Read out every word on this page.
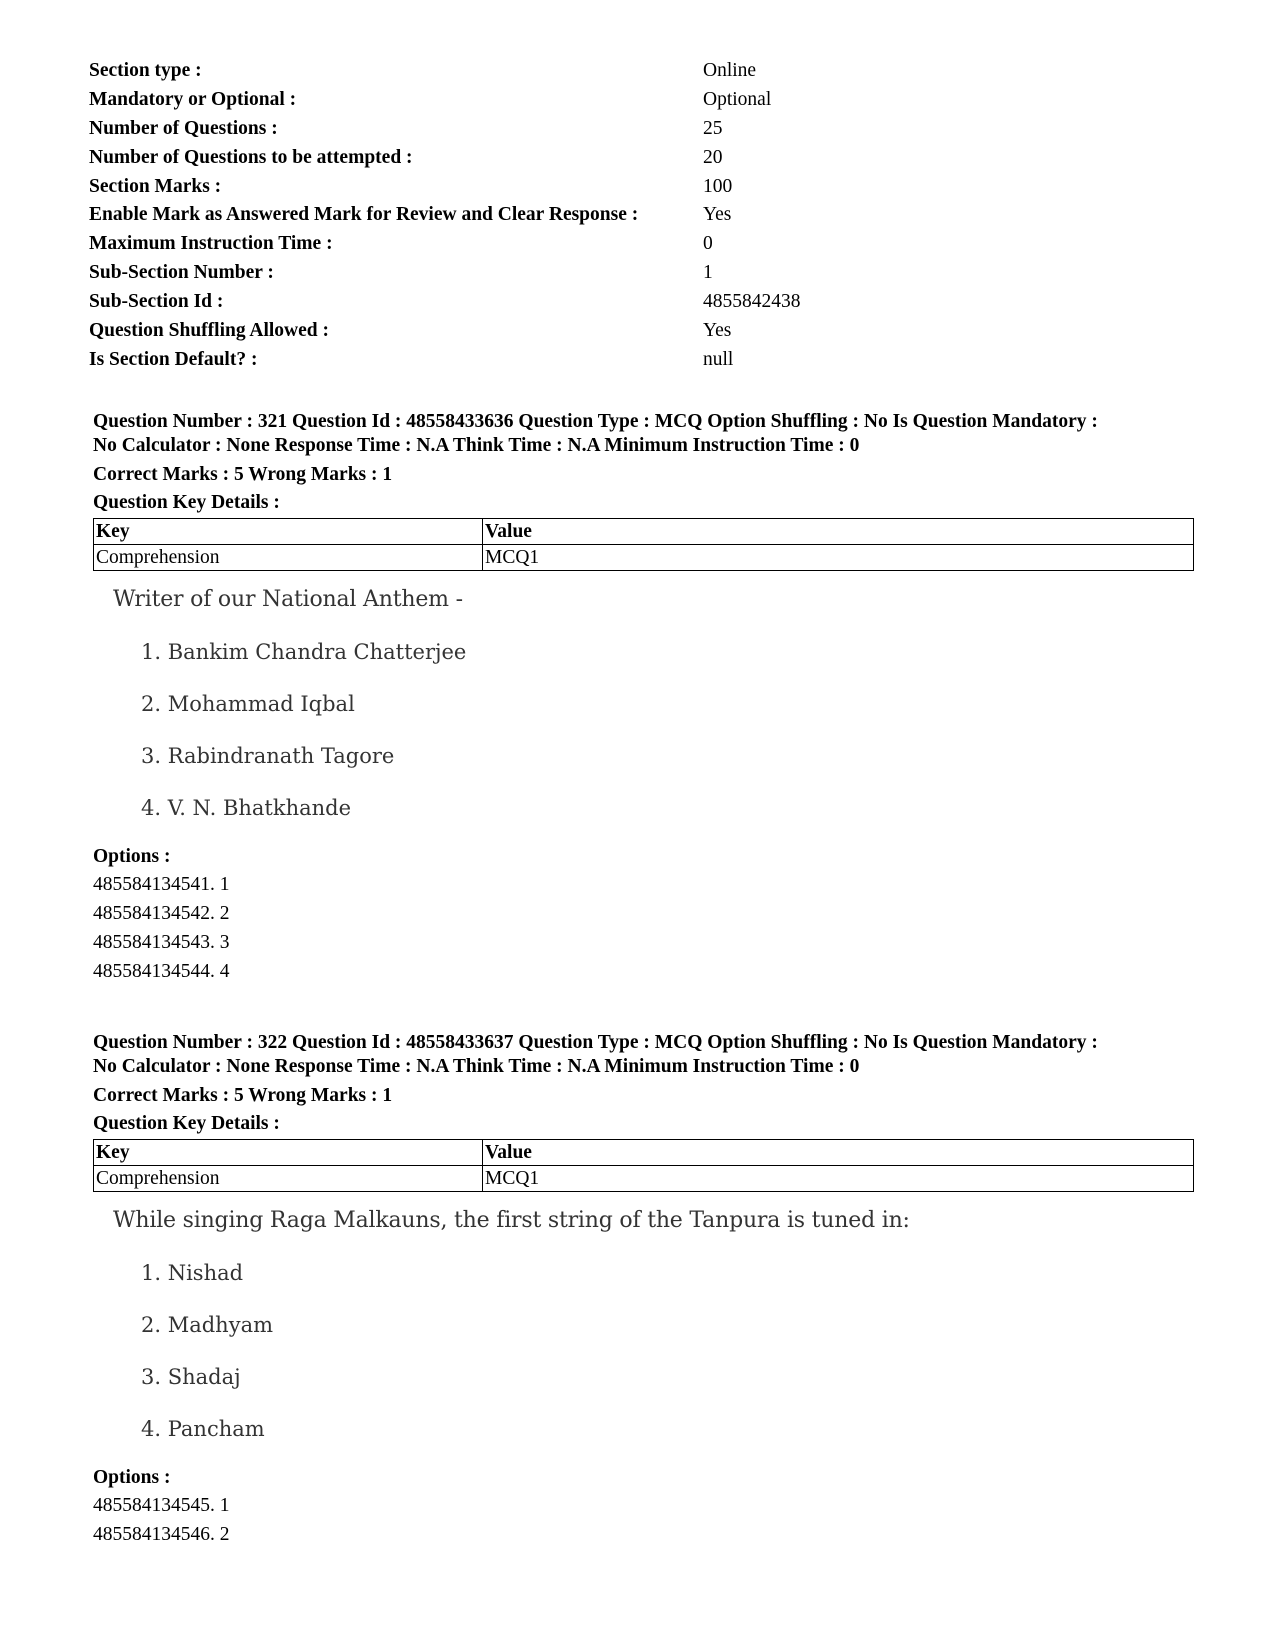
Section type :	Online
Mandatory or Optional :	Optional
Number of Questions :	25
Number of Questions to be attempted :	20
Section Marks :	100
Enable Mark as Answered Mark for Review and Clear Response :	Yes
Maximum Instruction Time :	0
Sub-Section Number :	1
Sub-Section Id :	4855842438
Question Shuffling Allowed :	Yes
Is Section Default? :	null
Question Number : 321 Question Id : 48558433636 Question Type : MCQ Option Shuffling : No Is Question Mandatory :
No Calculator : None Response Time : N.A Think Time : N.A Minimum Instruction Time : 0
Correct Marks : 5 Wrong Marks : 1
Question Key Details :
Key	Value
Comprehension	MCQ1
Writer of our National Anthem -
1. Bankim Chandra Chatterjee
2. Mohammad Iqbal
3. Rabindranath Tagore
4. V. N. Bhatkhande
Options :
485584134541. 1
485584134542. 2
485584134543. 3
485584134544. 4
Question Number : 322 Question Id : 48558433637 Question Type : MCQ Option Shuffling : No Is Question Mandatory :
No Calculator : None Response Time : N.A Think Time : N.A Minimum Instruction Time : 0
Correct Marks : 5 Wrong Marks : 1
Question Key Details :
Key	Value
Comprehension	MCQ1
While singing Raga Malkauns, the first string of the Tanpura is tuned in:
1. Nishad
2. Madhyam
3. Shadaj
4. Pancham
Options :
485584134545. 1
485584134546. 2
